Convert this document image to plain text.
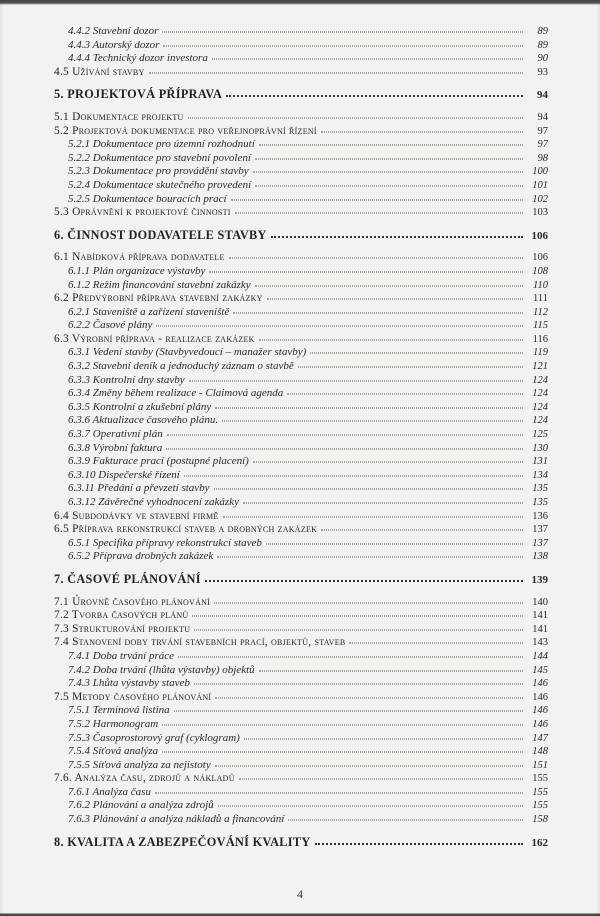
4.4.2 Stavební dozor	89
4.4.3 Autorský dozor	89
4.4.4 Technický dozor investora	90
4.5 Užívání stavby	93
5. PROJEKTOVÁ PŘÍPRAVA	94
5.1 Dokumentace projektu	94
5.2 Projektová dokumentace pro veřejnoprávní řízení	97
5.2.1 Dokumentace pro územní rozhodnutí	97
5.2.2 Dokumentace pro stavební povolení	98
5.2.3 Dokumentace pro provádění stavby	100
5.2.4 Dokumentace skutečného provedení	101
5.2.5 Dokumentace bouracích prací	102
5.3 Oprávnění k projektové činnosti	103
6. ČINNOST DODAVATELE STAVBY	106
6.1 Nabídková příprava dodavatele	106
6.1.1 Plán organizace výstavby	108
6.1.2 Režim financování stavební zakázky	110
6.2 Předvýrobní příprava stavební zakázky	111
6.2.1 Staveniště a zařízení staveniště	112
6.2.2 Časové plány	115
6.3 Výrobní příprava - realizace zakázek	116
6.3.1 Vedení stavby (Stavbyvedoucí – manažer stavby)	119
6.3.2 Stavební deník a jednoduchý záznam o stavbě	121
6.3.3 Kontrolní dny stavby	124
6.3.4 Změny během realizace - Claimová agenda	124
6.3.5 Kontrolní a zkušební plány	124
6.3.6 Aktualizace časového plánu.	124
6.3.7 Operativní plán	125
6.3.8 Výrobní faktura	130
6.3.9 Fakturace prací (postupné placení)	131
6.3.10 Dispečerské řízení	134
6.3.11 Předání a převzetí stavby	135
6.3.12 Závěrečné vyhodnocení zakázky	135
6.4 Subdodávky ve stavební firmě	136
6.5 Příprava rekonstrukcí staveb a drobných zakázek	137
6.5.1 Specifika přípravy rekonstrukcí staveb	137
6.5.2 Příprava drobných zakázek	138
7. ČASOVÉ PLÁNOVÁNÍ	139
7.1 Úrovně časového plánování	140
7.2 Tvorba časových plánů	141
7.3 Strukturování projektu	141
7.4 Stanovení doby trvání stavebních prací, objektů, staveb	143
7.4.1 Doba trvání práce	144
7.4.2 Doba trvání (lhůta výstavby) objektů	145
7.4.3 Lhůta výstavby staveb	146
7.5 Metody časového plánování	146
7.5.1 Termínová listina	146
7.5.2 Harmonogram	146
7.5.3 Časoprostorový graf (cyklogram)	147
7.5.4 Síťová analýza	148
7.5.5 Síťová analýza za nejistoty	151
7.6. Analýza času, zdrojů a nákladů	155
7.6.1 Analýza času	155
7.6.2 Plánování a analýza zdrojů	155
7.6.3 Plánování a analýza nákladů a financování	158
8. KVALITA A ZABEZPEČOVÁNÍ KVALITY	162
4
